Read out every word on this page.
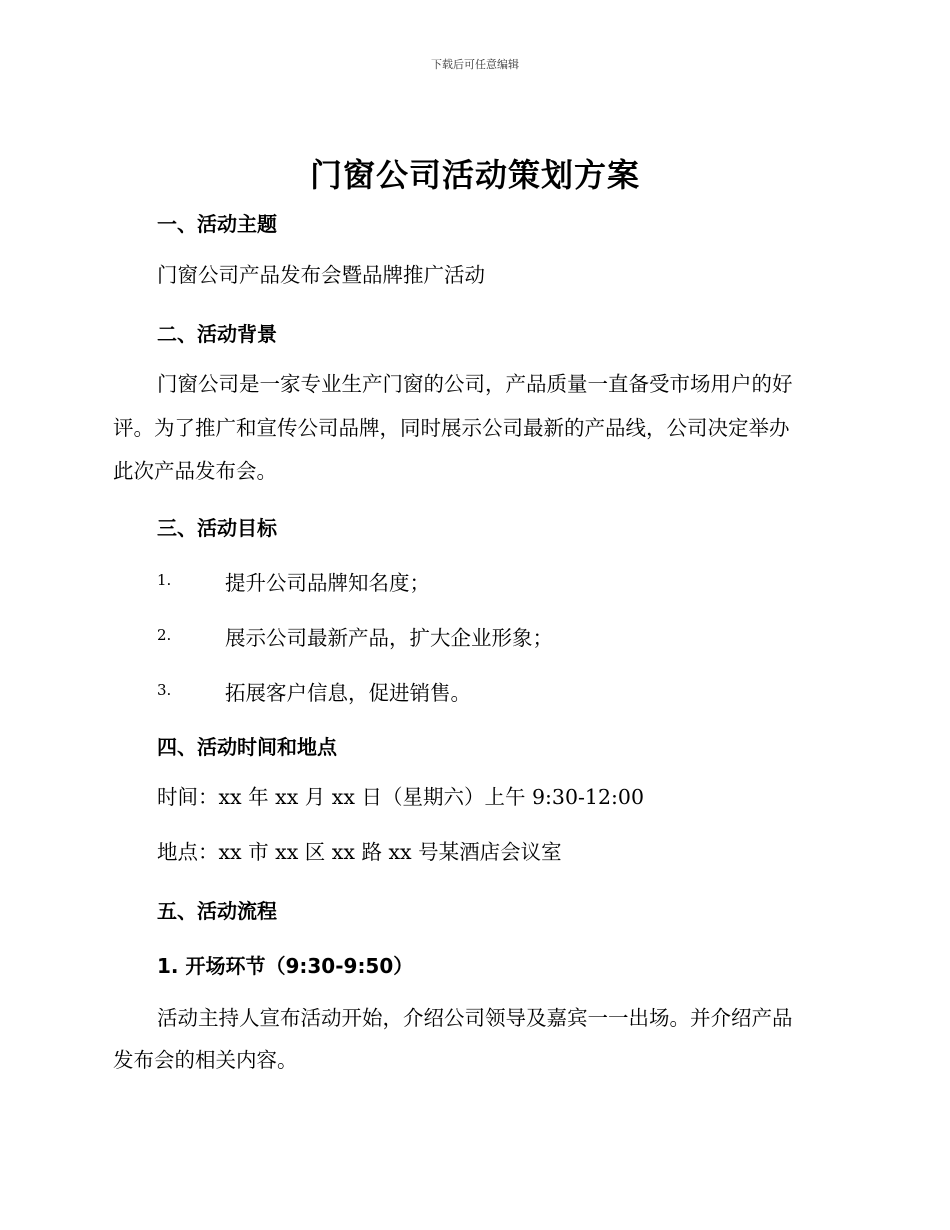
下载后可任意编辑
门窗公司活动策划方案
一、活动主题
门窗公司产品发布会暨品牌推广活动
二、活动背景
门窗公司是一家专业生产门窗的公司，产品质量一直备受市场用户的好
评。为了推广和宣传公司品牌，同时展示公司最新的产品线，公司决定举办
此次产品发布会。
三、活动目标
1.	提升公司品牌知名度；
2.	展示公司最新产品，扩大企业形象；
3.	拓展客户信息，促进销售。
四、活动时间和地点
时间：xx 年 xx 月 xx 日（星期六）上午 9:30-12:00
地点：xx 市 xx 区 xx 路 xx 号某酒店会议室
五、活动流程
1. 开场环节（9:30-9:50）
活动主持人宣布活动开始，介绍公司领导及嘉宾一一出场。并介绍产品
发布会的相关内容。
